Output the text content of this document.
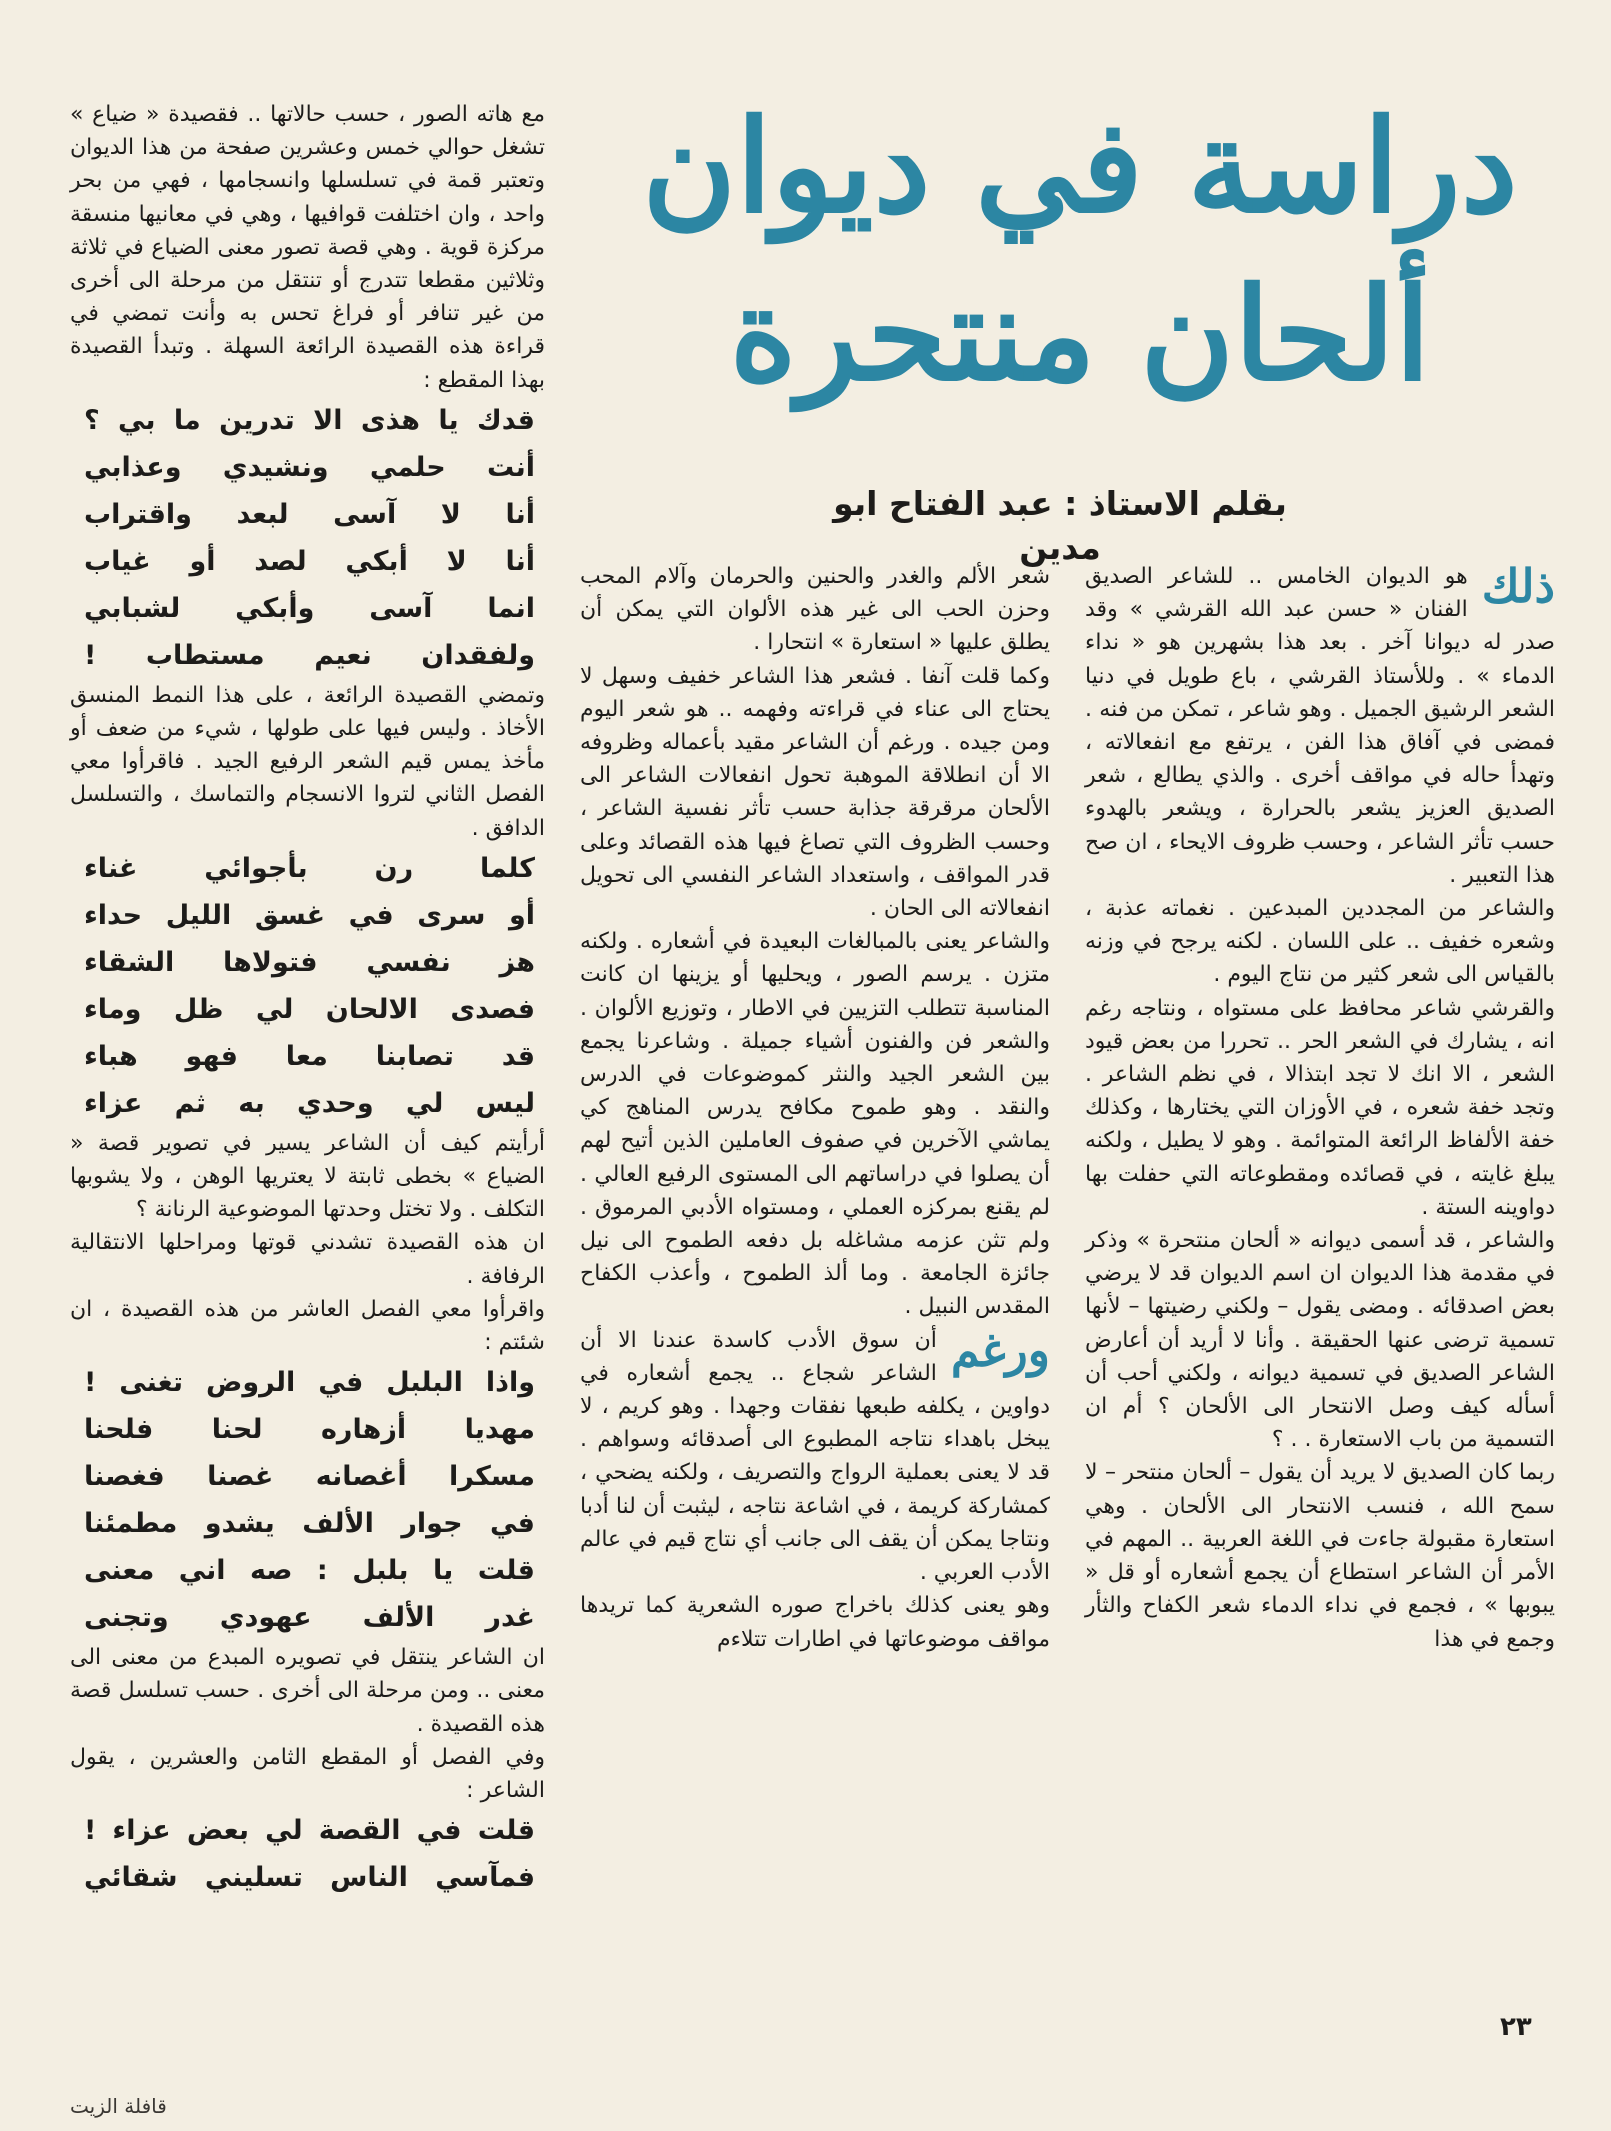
دراسة في ديوان
ألحان منتحرة
بقلم الاستاذ : عبد الفتاح ابو مدين

ذلك
هو الديوان الخامس .. للشاعر الصديق الفنان « حسن عبد الله القرشي » وقد صدر له ديوانا آخر . بعد هذا بشهرين هو « نداء الدماء » . وللأستاذ القرشي ، باع طويل في دنيا الشعر الرشيق الجميل . وهو شاعر ، تمكن من فنه . فمضى في آفاق هذا الفن ، يرتفع مع انفعالاته ، وتهدأ حاله في مواقف أخرى . والذي يطالع ، شعر الصديق العزيز يشعر بالحرارة ، ويشعر بالهدوء حسب تأثر الشاعر ، وحسب ظروف الايحاء ، ان صح هذا التعبير .

والشاعر من المجددين المبدعين . نغماته عذبة ، وشعره خفيف .. على اللسان . لكنه يرجح في وزنه بالقياس الى شعر كثير من نتاج اليوم .

والقرشي شاعر محافظ على مستواه ، ونتاجه رغم انه ، يشارك في الشعر الحر .. تحررا من بعض قيود الشعر ، الا انك لا تجد ابتذالا ، في نظم الشاعر . وتجد خفة شعره ، في الأوزان التي يختارها ، وكذلك خفة الألفاظ الرائعة المتوائمة . وهو لا يطيل ، ولكنه يبلغ غايته ، في قصائده ومقطوعاته التي حفلت بها دواوينه الستة .

والشاعر ، قد أسمى ديوانه « ألحان منتحرة » وذكر في مقدمة هذا الديوان ان اسم الديوان قد لا يرضي بعض اصدقائه . ومضى يقول – ولكني رضيتها – لأنها تسمية ترضى عنها الحقيقة . وأنا لا أريد أن أعارض الشاعر الصديق في تسمية ديوانه ، ولكني أحب أن أسأله كيف وصل الانتحار الى الألحان ؟ أم ان التسمية من باب الاستعارة . . ؟

ربما كان الصديق لا يريد أن يقول – ألحان منتحر – لا سمح الله ، فنسب الانتحار الى الألحان . وهي استعارة مقبولة جاءت في اللغة العربية .. المهم في الأمر أن الشاعر استطاع أن يجمع أشعاره أو قل « يبوبها » ، فجمع في نداء الدماء شعر الكفاح والثأر وجمع في هذا

شعر الألم والغدر والحنين والحرمان وآلام المحب وحزن الحب الى غير هذه الألوان التي يمكن أن يطلق عليها « استعارة » انتحارا .

وكما قلت آنفا . فشعر هذا الشاعر خفيف وسهل لا يحتاج الى عناء في قراءته وفهمه .. هو شعر اليوم ومن جيده . ورغم أن الشاعر مقيد بأعماله وظروفه الا أن انطلاقة الموهبة تحول انفعالات الشاعر الى الألحان مرقرقة جذابة حسب تأثر نفسية الشاعر ، وحسب الظروف التي تصاغ فيها هذه القصائد وعلى قدر المواقف ، واستعداد الشاعر النفسي الى تحويل انفعالاته الى الحان .

والشاعر يعنى بالمبالغات البعيدة في أشعاره . ولكنه متزن . يرسم الصور ، ويحليها أو يزينها ان كانت المناسبة تتطلب التزيين في الاطار ، وتوزيع الألوان . والشعر فن والفنون أشياء جميلة . وشاعرنا يجمع بين الشعر الجيد والنثر كموضوعات في الدرس والنقد . وهو طموح مكافح يدرس المناهج كي يماشي الآخرين في صفوف العاملين الذين أتيح لهم أن يصلوا في دراساتهم الى المستوى الرفيع العالي . لم يقنع بمركزه العملي ، ومستواه الأدبي المرموق . ولم تثن عزمه مشاغله بل دفعه الطموح الى نيل جائزة الجامعة . وما ألذ الطموح ، وأعذب الكفاح المقدس النبيل .

ورغم
أن سوق الأدب كاسدة عندنا الا أن الشاعر شجاع .. يجمع أشعاره في دواوين ، يكلفه طبعها نفقات وجهدا . وهو كريم ، لا يبخل باهداء نتاجه المطبوع الى أصدقائه وسواهم . قد لا يعنى بعملية الرواج والتصريف ، ولكنه يضحي ، كمشاركة كريمة ، في اشاعة نتاجه ، ليثبت أن لنا أدبا ونتاجا يمكن أن يقف الى جانب أي نتاج قيم في عالم الأدب العربي .

وهو يعنى كذلك باخراج صوره الشعرية كما تريدها مواقف موضوعاتها في اطارات تتلاءم

مع هاته الصور ، حسب حالاتها .. فقصيدة « ضياع » تشغل حوالي خمس وعشرين صفحة من هذا الديوان وتعتبر قمة في تسلسلها وانسجامها ، فهي من بحر واحد ، وان اختلفت قوافيها ، وهي في معانيها منسقة مركزة قوية . وهي قصة تصور معنى الضياع في ثلاثة وثلاثين مقطعا تتدرج أو تنتقل من مرحلة الى أخرى من غير تنافر أو فراغ تحس به وأنت تمضي في قراءة هذه القصيدة الرائعة السهلة . وتبدأ القصيدة بهذا المقطع :

قدك يا هذى الا تدرين ما بي ؟
أنت حلمي ونشيدي وعذابي
أنا لا آسى لبعد واقتراب
أنا لا أبكي لصد أو غياب
انما آسى وأبكي لشبابي
ولفقدان نعيم مستطاب !

وتمضي القصيدة الرائعة ، على هذا النمط المنسق الأخاذ . وليس فيها على طولها ، شيء من ضعف أو مأخذ يمس قيم الشعر الرفيع الجيد . فاقرأوا معي الفصل الثاني لتروا الانسجام والتماسك ، والتسلسل الدافق .

كلما رن بأجوائي غناء
أو سرى في غسق الليل حداء
هز نفسي فتولاها الشقاء
فصدى الالحان لي ظل وماء
قد تصابنا معا فهو هباء
ليس لي وحدي به ثم عزاء

أرأيتم كيف أن الشاعر يسير في تصوير قصة « الضياع » بخطى ثابتة لا يعتريها الوهن ، ولا يشوبها التكلف . ولا تختل وحدتها الموضوعية الرنانة ؟

ان هذه القصيدة تشدني قوتها ومراحلها الانتقالية الرفافة .

واقرأوا معي الفصل العاشر من هذه القصيدة ، ان شئتم :

واذا البلبل في الروض تغنى !
مهديا أزهاره لحنا فلحنا
مسكرا أغصانه غصنا فغصنا
في جوار الألف يشدو مطمئنا
قلت يا بلبل : صه اني معنى
غدر الألف عهودي وتجنى

ان الشاعر ينتقل في تصويره المبدع من معنى الى معنى .. ومن مرحلة الى أخرى . حسب تسلسل قصة هذه القصيدة .

وفي الفصل أو المقطع الثامن والعشرين ، يقول الشاعر :

قلت في القصة لي بعض عزاء !
فمآسي الناس تسليني شقائي
٢٣
قافلة الزيت
